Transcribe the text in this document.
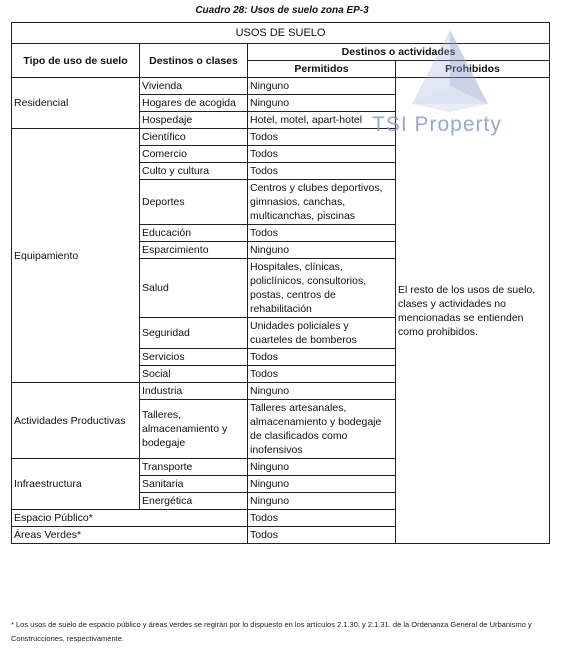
Cuadro 28: Usos de suelo zona EP-3
USOS DE SUELO			
Tipo de uso de suelo	Destinos o clases	Destinos o actividades	
		Permitidos	Prohibidos
Residencial	Vivienda	Ninguno	El resto de los usos de suelo, clases y actividades no mencionadas se entienden como prohibidos.
	Hogares de acogida	Ninguno	
	Hospedaje	Hotel, motel, apart-hotel	
Equipamiento	Científico	Todos	
	Comercio	Todos	
	Culto y cultura	Todos	
	Deportes	Centros y clubes deportivos, gimnasios, canchas, multicanchas, piscinas	
	Educación	Todos	
	Esparcimiento	Ninguno	
	Salud	Hospitales, clínicas, policlínicos, consultorios, postas, centros de rehabilitación	
	Seguridad	Unidades policiales y cuarteles de bomberos	
	Servicios	Todos	
	Social	Todos	
Actividades Productivas	Industria	Ninguno	
	Talleres, almacenamiento y bodegaje	Talleres artesanales, almacenamiento y bodegaje de clasificados como inofensivos	
Infraestructura	Transporte	Ninguno	
	Sanitaria	Ninguno	
	Energética	Ninguno	
Espacio Público*		Todos	
Áreas Verdes*		Todos	
TSI Property
* Los usos de suelo de espacio público y áreas verdes se regirán por lo dispuesto en los artículos 2.1.30. y 2.1.31. de la Ordenanza General de Urbanismo y Construcciones, respectivamente.
